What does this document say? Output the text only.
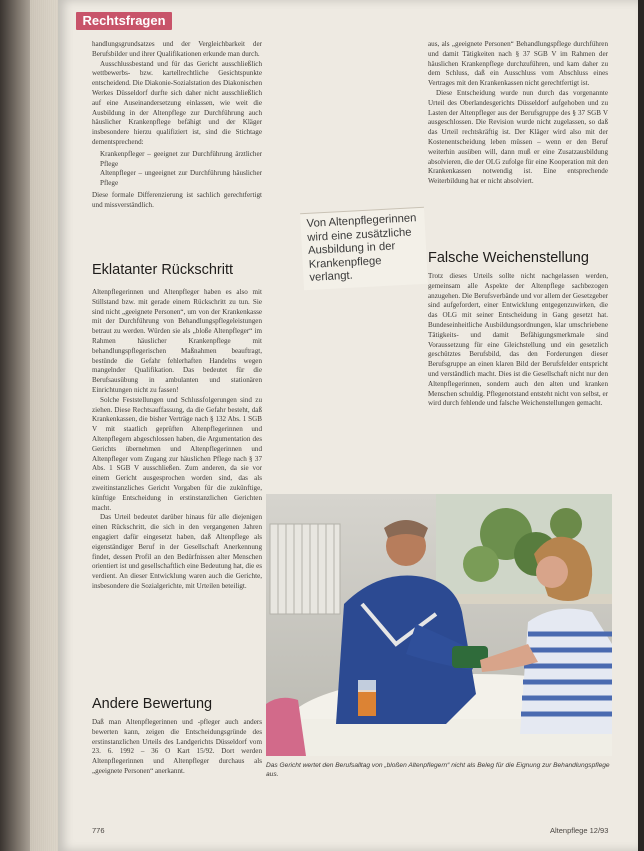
Rechtsfragen

handlungsgrundsatzes und der Vergleichbarkeit der Berufsbilder und ihrer Qualifikationen erkunde man durch.

Ausschlussbestand und für das Gericht ausschließlich wettbewerbs- bzw. kartellrechtliche Gesichtspunkte entscheidend. Die Diakonie-Sozialstation des Diakonischen Werkes Düsseldorf durfte sich daher nicht ausschließlich auf eine Auseinandersetzung einlassen, wie weit die Ausbildung in der Altenpflege zur Durchführung auch häuslicher Krankenpflege befähigt und der Kläger insbesondere hierzu qualifiziert ist, sind die Stichtage dementsprechend:

Krankenpfleger – geeignet zur Durchführung ärztlicher Pflege
Altenpfleger – ungeeignet zur Durchführung häuslicher Pflege

Diese formale Differenzierung ist sachlich gerechtfertigt und missverständlich.

Eklatanter Rückschritt

Altenpflegerinnen und Altenpfleger haben es also mit Stillstand bzw. mit gerade einem Rückschritt zu tun. Sie sind nicht „geeignete Personen“, um von der Krankenkasse mit der Durchführung von Behandlungspflegeleistungen betraut zu werden. Würden sie als „bloße Altenpfleger“ im Rahmen häuslicher Krankenpflege mit behandlungspflegerischen Maßnahmen beauftragt, bestünde die Gefahr fehlerhaften Handelns wegen mangelnder Qualifikation. Das bedeutet für die Berufsausübung in ambulanten und stationären Einrichtungen nicht zu fassen!

Solche Feststellungen und Schlussfolgerungen sind zu ziehen. Diese Rechtsauffassung, da die Gefahr besteht, daß Krankenkassen, die bisher Verträge nach § 132 Abs. 1 SGB V mit staatlich geprüften Altenpflegerinnen und Altenpflegern abgeschlossen haben, die Argumentation des Gerichts übernehmen und Altenpflegerinnen und Altenpfleger vom Zugang zur häuslichen Pflege nach § 37 Abs. 1 SGB V ausschließen. Zum anderen, da sie vor einem Gericht ausgesprochen worden sind, das als zweitinstanzliches Gericht Vorgaben für die zukünftige, künftige Entscheidung in erstinstanzlichen Gerichten macht.

Das Urteil bedeutet darüber hinaus für alle diejenigen einen Rückschritt, die sich in den vergangenen Jahren engagiert dafür eingesetzt haben, daß Altenpflege als eigenständiger Beruf in der Gesellschaft Anerkennung findet, dessen Profil an den Bedürfnissen alter Menschen orientiert ist und gesellschaftlich eine Bedeutung hat, die es verdient. An dieser Entwicklung waren auch die Gerichte, insbesondere die Sozialgerichte, mit Urteilen beteiligt.

Andere Bewertung

Daß man Altenpflegerinnen und -pfleger auch anders bewerten kann, zeigen die Entscheidungsgründe des erstinstanzlichen Urteils des Landgerichts Düsseldorf vom 23. 6. 1992 – 36 O Kart 15/92. Dort werden Altenpflegerinnen und Altenpfleger durchaus als „geeignete Personen“ anerkannt.

aus, als „geeignete Personen“ Behandlungspflege durchführen und damit Tätigkeiten nach § 37 SGB V im Rahmen der häuslichen Krankenpflege durchzuführen, und kam daher zu dem Schluss, daß ein Ausschluss vom Abschluss eines Vertrages mit den Krankenkassen nicht gerechtfertigt ist.

Diese Entscheidung wurde nun durch das vorgenannte Urteil des Oberlandesgerichts Düsseldorf aufgehoben und zu Lasten der Altenpfleger aus der Berufsgruppe des § 37 SGB V ausgeschlossen. Die Revision wurde nicht zugelassen, so daß das Urteil rechtskräftig ist. Der Kläger wird also mit der Kostenentscheidung leben müssen – wenn er den Beruf weiterhin ausüben will, dann muß er eine Zusatzausbildung absolvieren, die der OLG zufolge für eine Kooperation mit den Krankenkassen notwendig ist. Eine entsprechende Weiterbildung hat er nicht absolviert.

Falsche Weichenstellung

Trotz dieses Urteils sollte nicht nachgelassen werden, gemeinsam alle Aspekte der Altenpflege sachbezogen anzugehen. Die Berufsverbände und vor allem der Gesetzgeber sind aufgefordert, einer Entwicklung entgegenzuwirken, die das OLG mit seiner Entscheidung in Gang gesetzt hat. Bundeseinheitliche Ausbildungsordnungen, klar umschriebene Tätigkeits- und damit Befähigungsmerkmale sind Voraussetzung für eine Gleichstellung und ein gesetzlich geschütztes Berufsbild, das den Forderungen dieser Berufsgruppe an einen klaren Bild der Berufsfelder entspricht und verständlich macht. Dies ist die Gesellschaft nicht nur den Altenpflegerinnen, sondern auch den alten und kranken Menschen schuldig. Pflegenotstand entsteht nicht von selbst, er wird durch fehlende und falsche Weichenstellungen gemacht.

Von Altenpflegerinnen wird eine zusätzliche Ausbildung in der Krankenpflege verlangt.
Das Gericht wertet den Berufsalltag von „bloßen Altenpflegern“ nicht als Beleg für die Eignung zur Behandlungspflege aus.
776	Altenpflege 12/93
